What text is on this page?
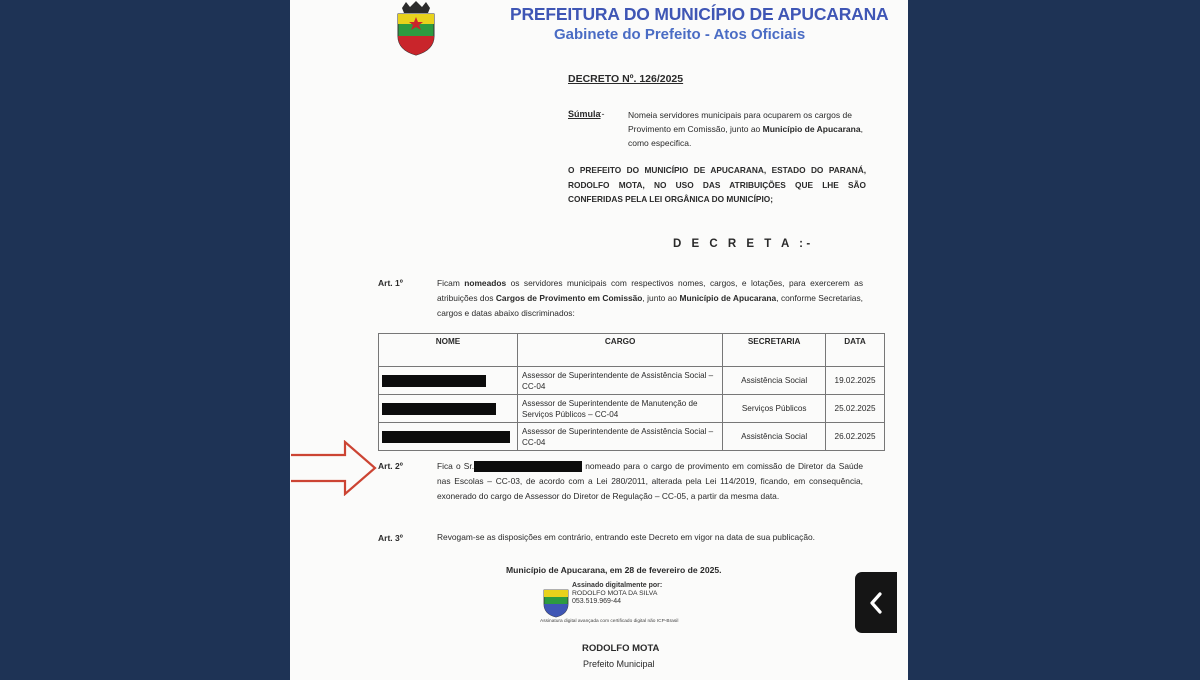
PREFEITURA DO MUNICÍPIO DE APUCARANA
Gabinete do Prefeito - Atos Oficiais
DECRETO Nº. 126/2025
Súmula
:-	Nomeia servidores municipais para ocuparem os cargos de Provimento em Comissão, junto ao Município de Apucarana, como especifica.
O PREFEITO DO MUNICÍPIO DE APUCARANA, ESTADO DO PARANÁ, RODOLFO MOTA, NO USO DAS ATRIBUIÇÕES QUE LHE SÃO CONFERIDAS PELA LEI ORGÂNICA DO MUNICÍPIO;
D E C R E T A :-
Art. 1º	Ficam nomeados os servidores municipais com respectivos nomes, cargos, e lotações, para exercerem as atribuições dos Cargos de Provimento em Comissão, junto ao Município de Apucarana, conforme Secretarias, cargos e datas abaixo discriminados:
NOME	CARGO	SECRETARIA	DATA
	Assessor de Superintendente de Assistência Social – CC-04	Assistência Social	19.02.2025
	Assessor de Superintendente de Manutenção de Serviços Públicos – CC-04	Serviços Públicos	25.02.2025
	Assessor de Superintendente de Assistência Social – CC-04	Assistência Social	26.02.2025
Art. 2º	Fica o Sr.	nomeado para o cargo de provimento em comissão de Diretor da Saúde nas Escolas – CC-03, de acordo com a Lei 280/2011, alterada pela Lei 114/2019, ficando, em consequência, exonerado do cargo de Assessor do Diretor de Regulação – CC-05, a partir da mesma data.
Art. 3º	Revogam-se as disposições em contrário, entrando este Decreto em vigor na data de sua publicação.
Município de Apucarana, em 28 de fevereiro de 2025.
Assinado digitalmente por:
RODOLFO MOTA DA SILVA
053.519.969-44
Assinatura digital avançada com certificado digital não ICP-Brasil
RODOLFO MOTA
Prefeito Municipal
